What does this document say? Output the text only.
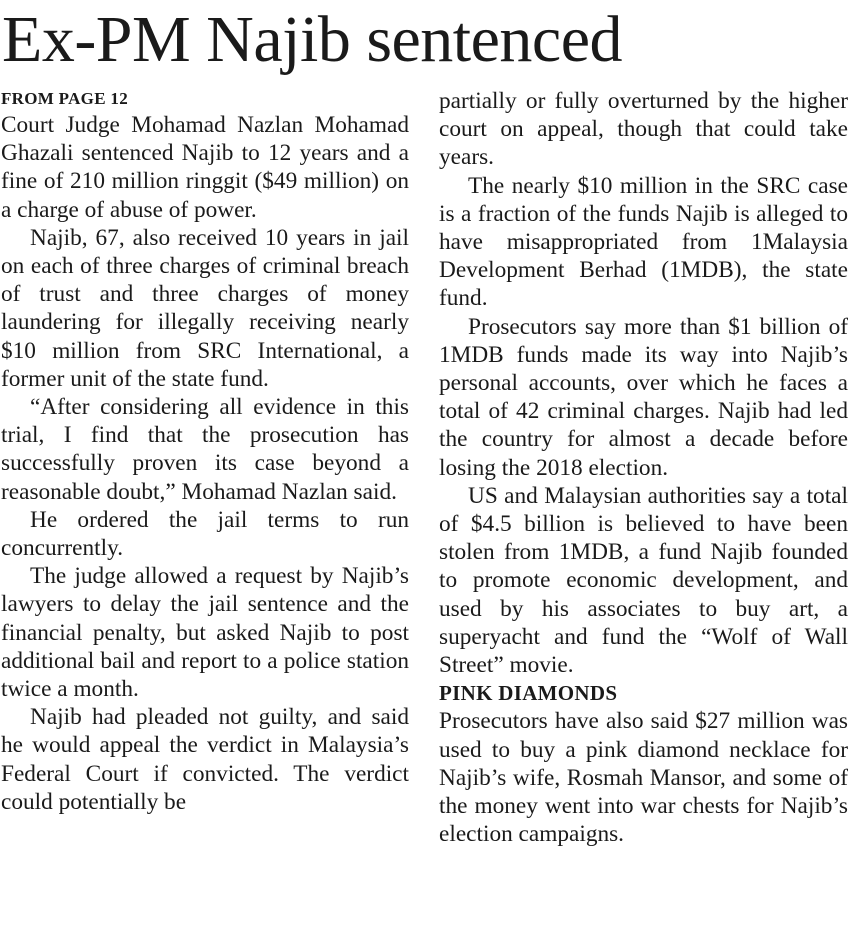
Ex-PM Najib sentenced
FROM PAGE 12

Court Judge Mohamad Nazlan Mohamad Ghazali sentenced Najib to 12 years and a fine of 210 million ringgit ($49 million) on a charge of abuse of power.

Najib, 67, also received 10 years in jail on each of three charges of criminal breach of trust and three charges of money laundering for illegally receiving nearly $10 million from SRC International, a former unit of the state fund.

“After considering all evidence in this trial, I find that the prosecution has successfully proven its case beyond a reasonable doubt,” Mohamad Nazlan said.

He ordered the jail terms to run concurrently.

The judge allowed a request by Najib’s lawyers to delay the jail sentence and the financial penalty, but asked Najib to post additional bail and report to a police station twice a month.

Najib had pleaded not guilty, and said he would appeal the verdict in Malaysia’s Federal Court if convicted. The verdict could potentially be

partially or fully overturned by the higher court on appeal, though that could take years.

The nearly $10 million in the SRC case is a fraction of the funds Najib is alleged to have misappropriated from 1Malaysia Development Berhad (1MDB), the state fund.

Prosecutors say more than $1 billion of 1MDB funds made its way into Najib’s personal accounts, over which he faces a total of 42 criminal charges. Najib had led the country for almost a decade before losing the 2018 election.

US and Malaysian authorities say a total of $4.5 billion is believed to have been stolen from 1MDB, a fund Najib founded to promote economic development, and used by his associates to buy art, a superyacht and fund the “Wolf of Wall Street” movie.

PINK DIAMONDS

Prosecutors have also said $27 million was used to buy a pink diamond necklace for Najib’s wife, Rosmah Mansor, and some of the money went into war chests for Najib’s election campaigns.
